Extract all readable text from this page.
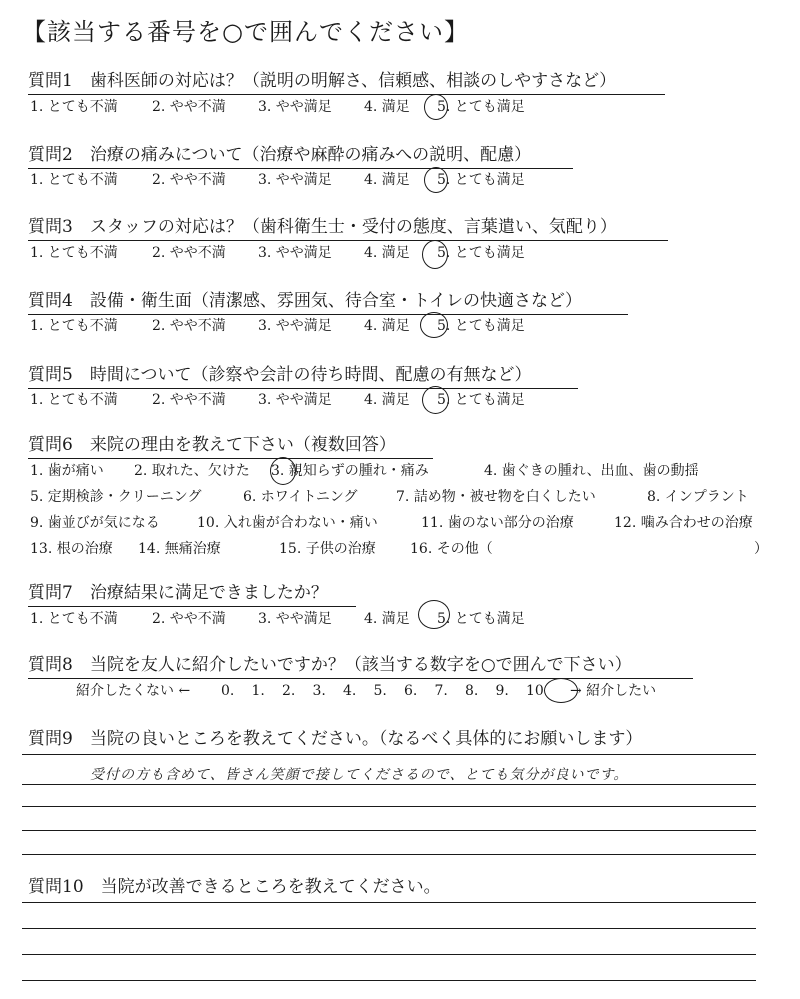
【該当する番号を○で囲んでください】
質問1　歯科医師の対応は？（説明の明解さ、信頼感、相談のしやすさなど）
1. とても不満 2. やや不満 3. やや満足 4. 満足 5. とても満足
質問2　治療の痛みについて（治療や麻酔の痛みへの説明、配慮）
1. とても不満 2. やや不満 3. やや満足 4. 満足 5. とても満足
質問3　スタッフの対応は？（歯科衛生士・受付の態度、言葉遣い、気配り）
1. とても不満 2. やや不満 3. やや満足 4. 満足 5. とても満足
質問4　設備・衛生面（清潔感、雰囲気、待合室・トイレの快適さなど）
1. とても不満 2. やや不満 3. やや満足 4. 満足 5. とても満足
質問5　時間について（診察や会計の待ち時間、配慮の有無など）
1. とても不満 2. やや不満 3. やや満足 4. 満足 5. とても満足
質問6　来院の理由を教えて下さい（複数回答）
1. 歯が痛い 2. 取れた、欠けた 3. 親知らずの腫れ・痛み	4. 歯ぐきの腫れ、出血、歯の動揺
5. 定期検診・クリーニング	6. ホワイトニング	7. 詰め物・被せ物を白くしたい	8. インプラント
9. 歯並びが気になる	10. 入れ歯が合わない・痛い	11. 歯のない部分の治療	12. 噛み合わせの治療
13. 根の治療 14. 無痛治療	15. 子供の治療 16. その他（	）
質問7　治療結果に満足できましたか？
1. とても不満 2. やや不満 3. やや満足 4. 満足 5. とても満足
質問8　当院を友人に紹介したいですか？（該当する数字を○で囲んで下さい）
紹介したくない ← 0. 1. 2. 3. 4. 5. 6. 7. 8. 9. 10 → 紹介したい
質問9　当院の良いところを教えてください。（なるべく具体的にお願いします）
受付の方も含めて、皆さん笑顔で接してくださるので、とても気分が良いです。
質問10　当院が改善できるところを教えてください。
